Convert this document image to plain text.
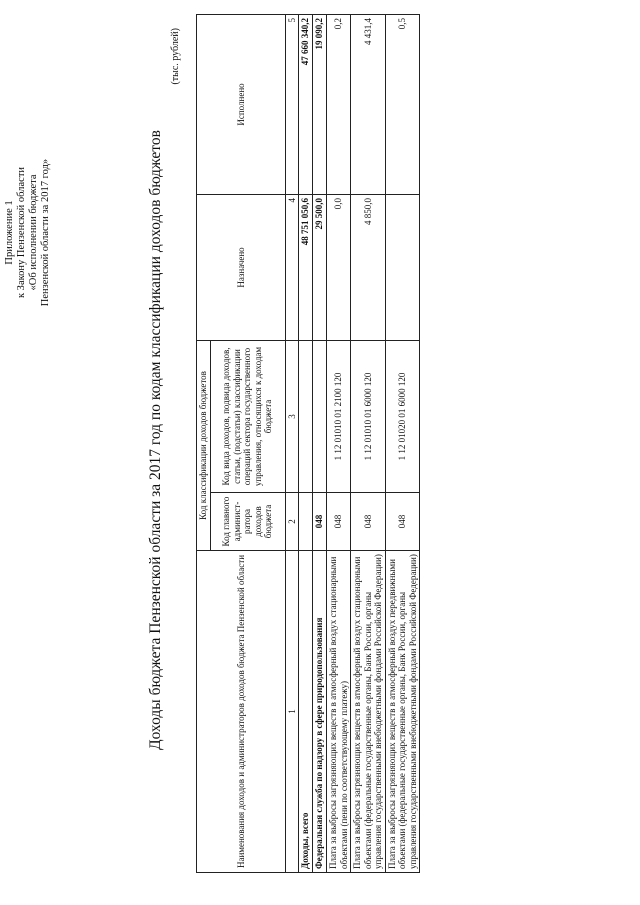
Приложение 1 к Закону Пензенской области «Об исполнении бюджета Пензенской области за 2017 год»	Доходы бюджета Пензенской области за 2017 год по кодам классификации доходов бюджетов
(тыс. рублей)
Наименования доходов и администраторов доходов бюджета Пензенской области	Код классификации доходов бюджетов		Назначено	Исполнено
	Код главного админист-ратора доходов бюджета	Код вида доходов, подвида доходов, статьи, (подстатьи) классификации операций сектора государственного управления, относящихся к доходам бюджета		
1	2	3	4	5
Доходы, всего			48 751 050,6	47 660 340,2
Федеральная служба по надзору в сфере природопользования	048		29 500,0	19 090,2
Плата за выбросы загрязняющих веществ в атмосферный воздух стационарными объектами (пени по соответствующему платежу)	048	1 12 01010 01 2100 120	0,0	0,2
Плата за выбросы загрязняющих веществ в атмосферный воздух стационарными объектами (федеральные государственные органы, Банк России, органы управления государственными внебюджетными фондами Российской Федерации)	048	1 12 01010 01 6000 120	4 850,0	4 431,4
Плата за выбросы загрязняющих веществ в атмосферный воздух передвижными объектами (федеральные государственные органы, Банк России, органы управления государственными внебюджетными фондами Российской Федерации)	048	1 12 01020 01 6000 120		0,5
